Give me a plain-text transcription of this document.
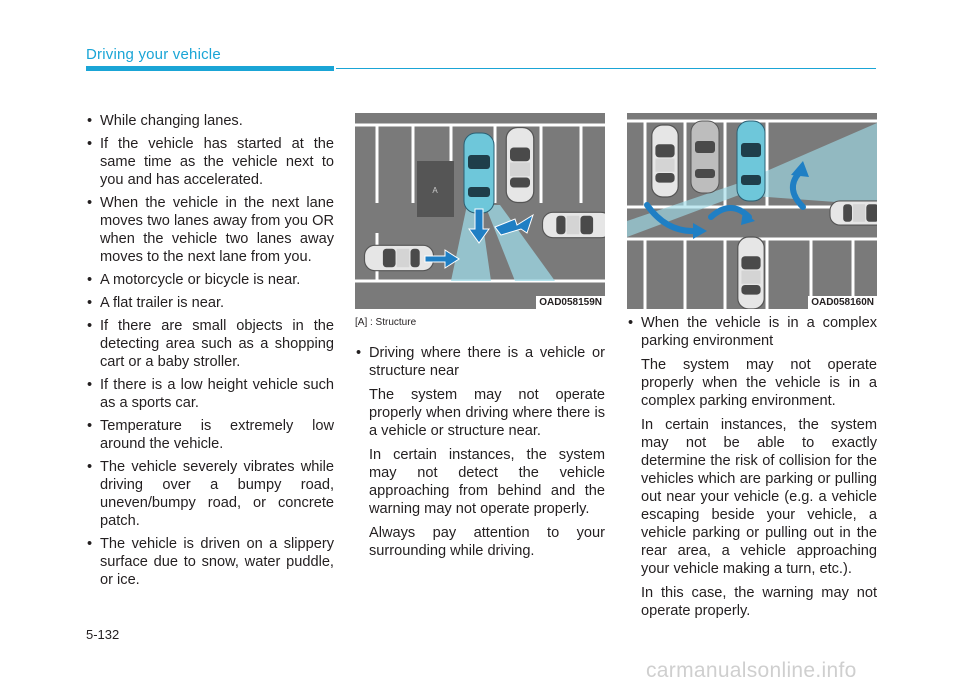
Driving your vehicle
• While changing lanes.
• If the vehicle has started at the same time as the vehicle next to you and has accelerated.
• When the vehicle in the next lane moves two lanes away from you OR when the vehicle two lanes away moves to the next lane from you.
• A motorcycle or bicycle is near.
• A flat trailer is near.
• If there are small objects in the detecting area such as a shopping cart or a baby stroller.
• If there is a low height vehicle such as a sports car.
• Temperature is extremely low around the vehicle.
• The vehicle severely vibrates while driving over a bumpy road, uneven/bumpy road, or concrete patch.
• The vehicle is driven on a slippery surface due to snow, water puddle, or ice.
A
OAD058159N	OAD058160N
[A] : Structure
• Driving where there is a vehicle or structure near

The system may not operate properly when driving where there is a vehicle or structure near.

In certain instances, the system may not detect the vehicle approaching from behind and the warning may not operate properly.

Always pay attention to your surrounding while driving.

• When the vehicle is in a complex parking environment

The system may not operate properly when the vehicle is in a complex parking environment.

In certain instances, the system may not be able to exactly determine the risk of collision for the vehicles which are parking or pulling out near your vehicle (e.g. a vehicle escaping beside your vehicle, a vehicle parking or pulling out in the rear area, a vehicle approaching your vehicle making a turn, etc.).

In this case, the warning may not operate properly.

5-132
carmanualsonline.info
